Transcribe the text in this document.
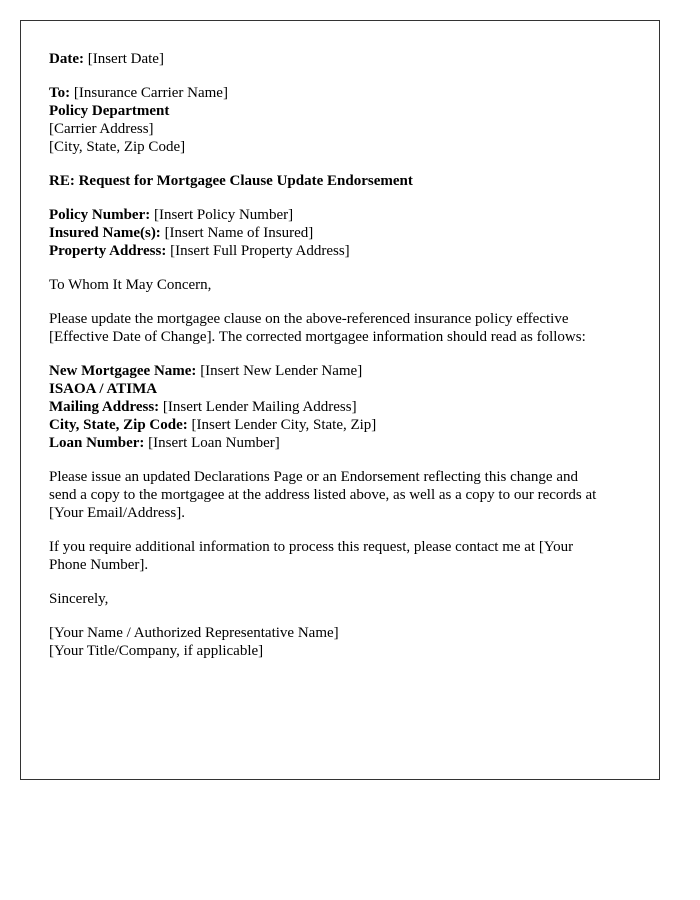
Date: [Insert Date]
To: [Insurance Carrier Name]
Policy Department
[Carrier Address]
[City, State, Zip Code]
RE: Request for Mortgagee Clause Update Endorsement
Policy Number: [Insert Policy Number]
Insured Name(s): [Insert Name of Insured]
Property Address: [Insert Full Property Address]
To Whom It May Concern,
Please update the mortgagee clause on the above-referenced insurance policy effective
[Effective Date of Change]. The corrected mortgagee information should read as follows:
New Mortgagee Name: [Insert New Lender Name]
ISAOA / ATIMA
Mailing Address: [Insert Lender Mailing Address]
City, State, Zip Code: [Insert Lender City, State, Zip]
Loan Number: [Insert Loan Number]
Please issue an updated Declarations Page or an Endorsement reflecting this change and
send a copy to the mortgagee at the address listed above, as well as a copy to our records at
[Your Email/Address].
If you require additional information to process this request, please contact me at [Your
Phone Number].
Sincerely,
[Your Name / Authorized Representative Name]
[Your Title/Company, if applicable]
